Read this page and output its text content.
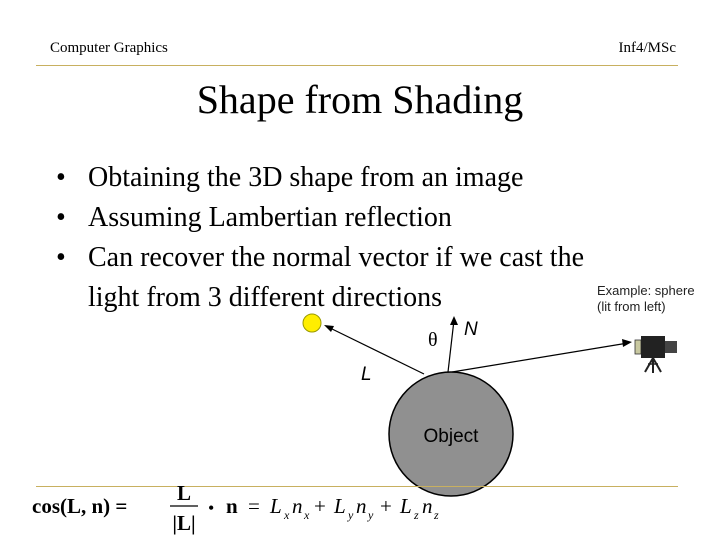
Computer Graphics	Inf4/MSc
Shape from Shading
• Obtaining the 3D shape from an image
• Assuming Lambertian reflection
• Can recover the normal vector if we cast the
light from 3 different directions	Example: sphere
(lit from left)
θ N
L
Object
cos(L, n) =
L
|L|
• n = L x n x + L y n y + L z n z
